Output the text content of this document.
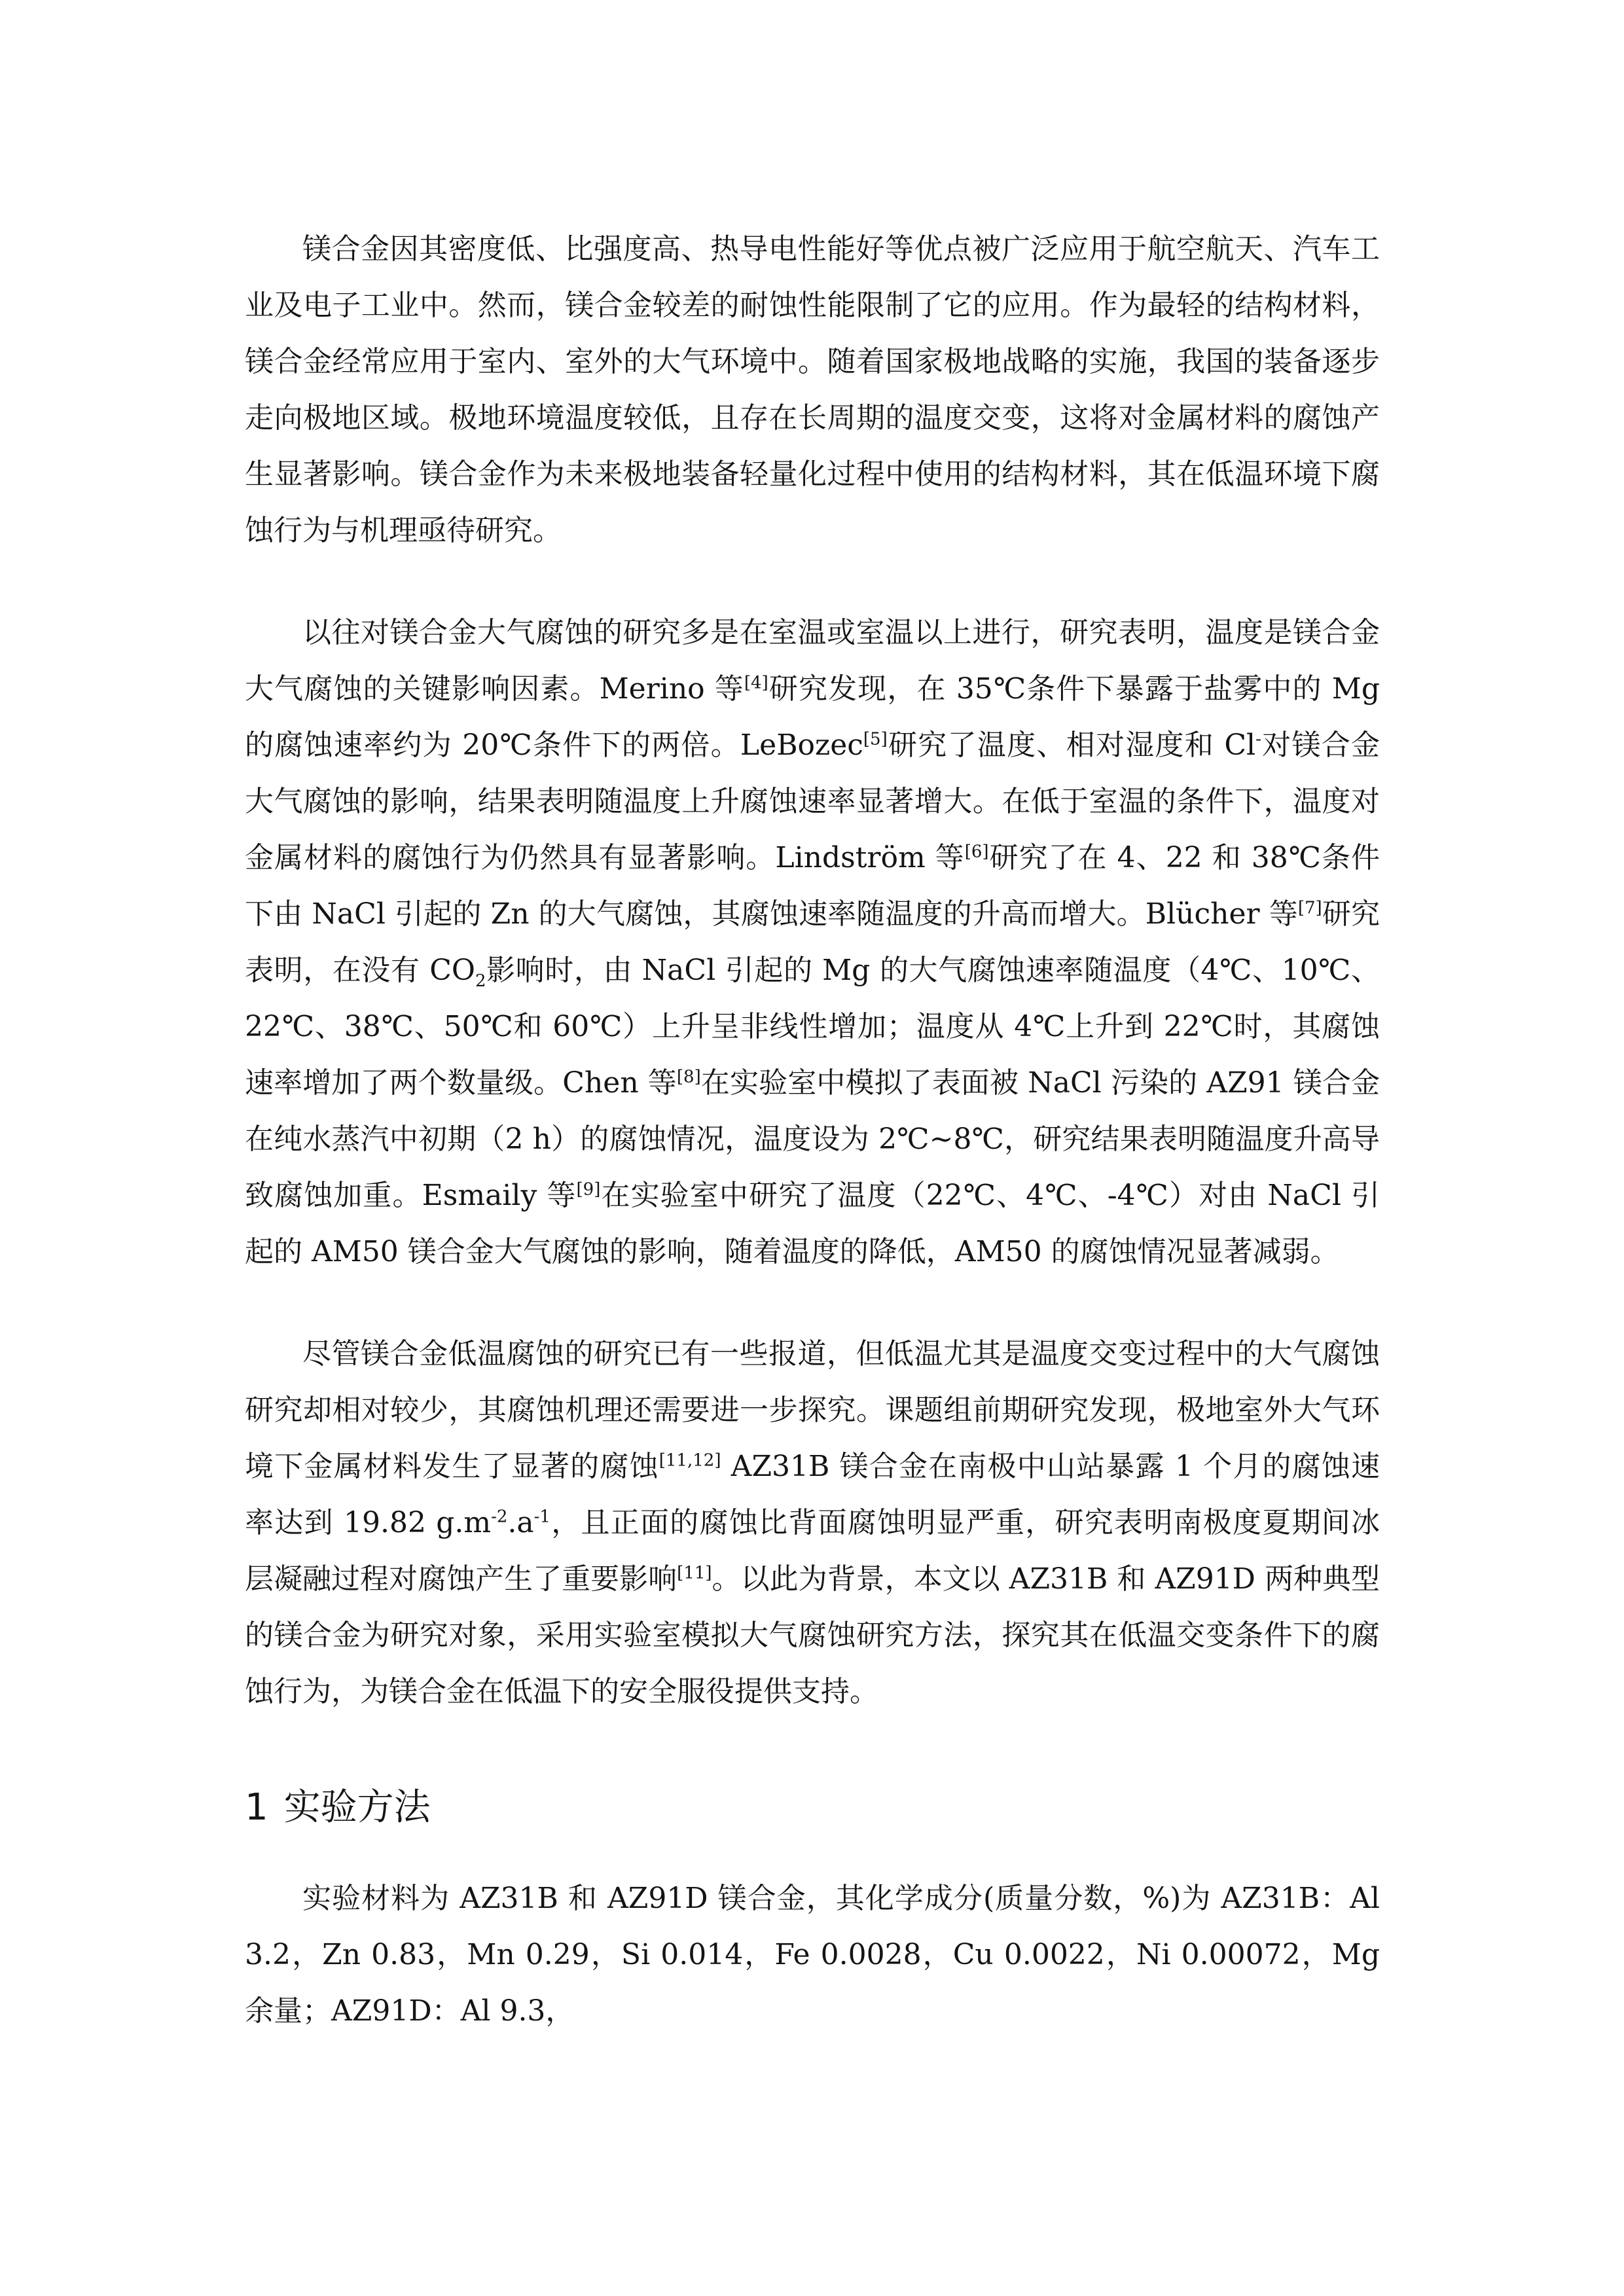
镁合金因其密度低、比强度高、热导电性能好等优点被广泛应用于航空航天、汽车工业及电子工业中。然而，镁合金较差的耐蚀性能限制了它的应用。作为最轻的结构材料，镁合金经常应用于室内、室外的大气环境中。随着国家极地战略的实施，我国的装备逐步走向极地区域。极地环境温度较低，且存在长周期的温度交变，这将对金属材料的腐蚀产生显著影响。镁合金作为未来极地装备轻量化过程中使用的结构材料，其在低温环境下腐蚀行为与机理亟待研究。

以往对镁合金大气腐蚀的研究多是在室温或室温以上进行，研究表明，温度是镁合金大气腐蚀的关键影响因素。Merino 等[4]研究发现，在 35℃条件下暴露于盐雾中的 Mg 的腐蚀速率约为 20℃条件下的两倍。LeBozec[5]研究了温度、相对湿度和 Cl-对镁合金大气腐蚀的影响，结果表明随温度上升腐蚀速率显著增大。在低于室温的条件下，温度对金属材料的腐蚀行为仍然具有显著影响。Lindström 等[6]研究了在 4、22 和 38℃条件下由 NaCl 引起的 Zn 的大气腐蚀，其腐蚀速率随温度的升高而增大。Blücher 等[7]研究表明，在没有 $CO_2$影响时，由 NaCl 引起的 Mg 的大气腐蚀速率随温度（4℃、10℃、22℃、38℃、50℃和 60℃）上升呈非线性增加；温度从 4℃上升到 22℃时，其腐蚀速率增加了两个数量级。Chen 等[8]在实验室中模拟了表面被 NaCl 污染的 AZ91 镁合金在纯水蒸汽中初期（2 h）的腐蚀情况，温度设为 2℃~8℃，研究结果表明随温度升高导致腐蚀加重。Esmaily 等[9]在实验室中研究了温度（22℃、4℃、-4℃）对由 NaCl 引起的 AM50 镁合金大气腐蚀的影响，随着温度的降低，AM50 的腐蚀情况显著减弱。

尽管镁合金低温腐蚀的研究已有一些报道，但低温尤其是温度交变过程中的大气腐蚀研究却相对较少，其腐蚀机理还需要进一步探究。课题组前期研究发现，极地室外大气环境下金属材料发生了显著的腐蚀[11,12] AZ31B 镁合金在南极中山站暴露 1 个月的腐蚀速率达到 19.82 $g.m^{-2}.a^{-1}$，且正面的腐蚀比背面腐蚀明显严重，研究表明南极度夏期间冰层凝融过程对腐蚀产生了重要影响[11]。以此为背景，本文以 AZ31B 和 AZ91D 两种典型的镁合金为研究对象，采用实验室模拟大气腐蚀研究方法，探究其在低温交变条件下的腐蚀行为，为镁合金在低温下的安全服役提供支持。

1 实验方法

实验材料为 AZ31B 和 AZ91D 镁合金，其化学成分(质量分数，%)为 AZ31B：Al 3.2，Zn 0.83，Mn 0.29，Si 0.014，Fe 0.0028，Cu 0.0022，Ni 0.00072，Mg 余量；AZ91D：Al 9.3，
